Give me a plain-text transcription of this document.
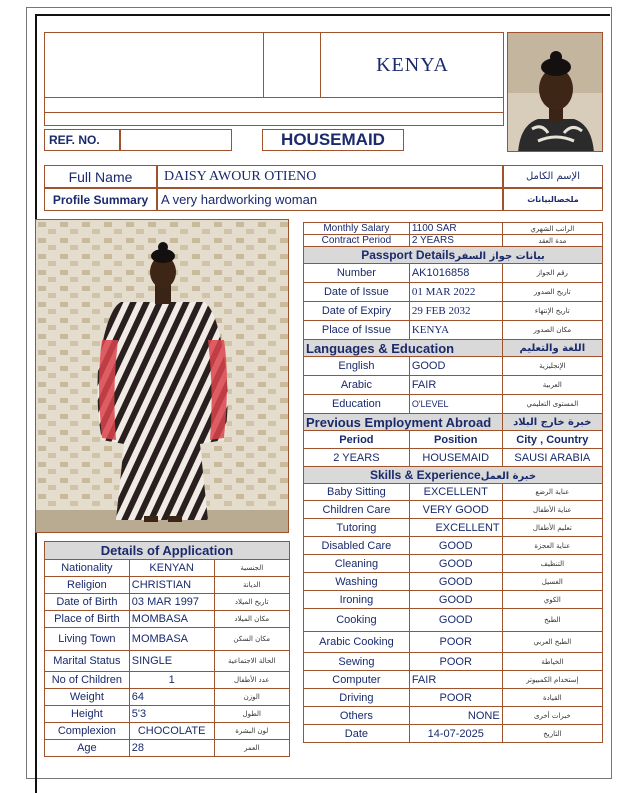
KENYA
REF. NO.	HOUSEMAID
Full Name	DAISY AWOUR OTIENO	الإسم الكامل
Profile Summary A very hardworking woman	ملخصالبيانات
Details of Application		
Nationality	KENYAN	الجنسية
Religion	CHRISTIAN	الديانة
Date of Birth	03 MAR 1997	تاريخ الميلاد
Place of Birth	MOMBASA	مكان الميلاد
Living Town	MOMBASA	مكان السكن
Marital Status	SINGLE	الحالة الاجتماعية
No of Children	1	عدد الأطفال
Weight	64	الوزن
Height	5'3	الطول
Complexion	CHOCOLATE	لون البشرة
Age	28	العمر
Monthly Salary	1100 SAR	الراتب الشهري
Contract Period	2 YEARS	مدة العقد
Passport Detailsبيانات جواز السفر		
Number	AK1016858	رقم الجواز
Date of Issue	01 MAR 2022	تاريخ الصدور
Date of Expiry	29 FEB 2032	تاريخ الإنتهاء
Place of Issue	KENYA	مكان الصدور
Languages & Education		اللغة والتعليم
English	GOOD	الإنجليزية
Arabic	FAIR	العربية
Education	O'LEVEL	المستوى التعليمي
Previous Employment Abroad		خبرة خارج البلاد
Period	Position	City , Country
2 YEARS	HOUSEMAID	SAUSI ARABIA
Skills & Experienceخبرة العمل		
Baby Sitting	EXCELLENT	عناية الرضع
Children Care	VERY GOOD	عناية الأطفال
Tutoring	EXCELLENT	تعليم الأطفال
Disabled Care	GOOD	عناية العجزة
Cleaning	GOOD	التنظيف
Washing	GOOD	الغسيل
Ironing	GOOD	الكوي
Cooking	GOOD	الطبخ
Arabic Cooking	POOR	الطبخ العربي
Sewing	POOR	الخياطة
Computer	FAIR	إستخدام الكمبيوتر
Driving	POOR	القيادة
Others	NONE	خبرات أخرى
Date	14-07-2025	التاريخ
